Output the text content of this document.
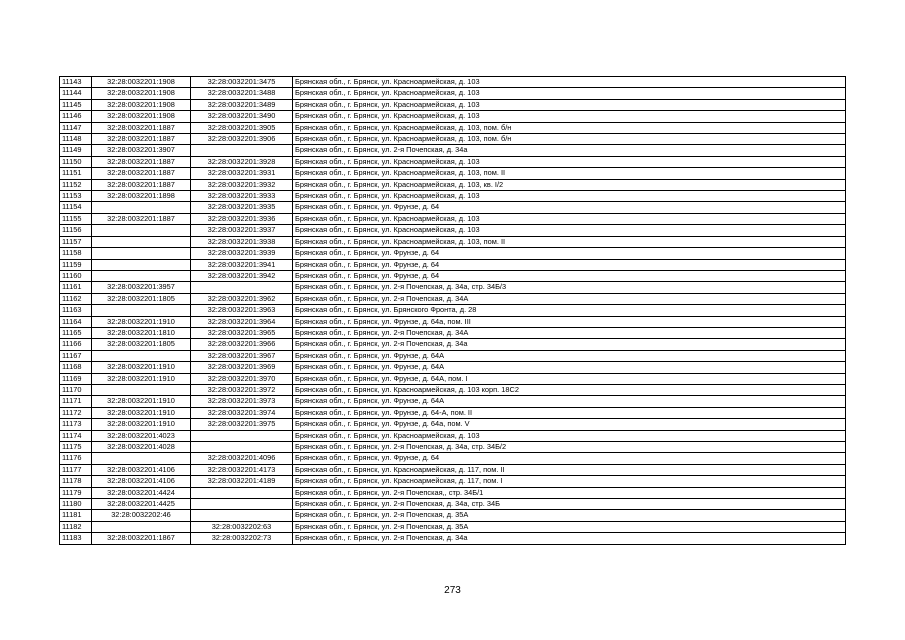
11143	32:28:0032201:1908	32:28:0032201:3475	Брянская обл., г. Брянск, ул. Красноармейская, д. 103
11144	32:28:0032201:1908	32:28:0032201:3488	Брянская обл., г. Брянск, ул. Красноармейская, д. 103
11145	32:28:0032201:1908	32:28:0032201:3489	Брянская обл., г. Брянск, ул. Красноармейская, д. 103
11146	32:28:0032201:1908	32:28:0032201:3490	Брянская обл., г. Брянск, ул. Красноармейская, д. 103
11147	32:28:0032201:1887	32:28:0032201:3905	Брянская обл., г. Брянск, ул. Красноармейская, д. 103, пом. б/н
11148	32:28:0032201:1887	32:28:0032201:3906	Брянская обл., г. Брянск, ул. Красноармейская, д. 103, пом. б/н
11149	32:28:0032201:3907		Брянская обл., г. Брянск, ул. 2-я Почепская, д. 34а
11150	32:28:0032201:1887	32:28:0032201:3928	Брянская обл., г. Брянск, ул. Красноармейская, д. 103
11151	32:28:0032201:1887	32:28:0032201:3931	Брянская обл., г. Брянск, ул. Красноармейская, д. 103, пом. II
11152	32:28:0032201:1887	32:28:0032201:3932	Брянская обл., г. Брянск, ул. Красноармейская, д. 103, кв. I/2
11153	32:28:0032201:1898	32:28:0032201:3933	Брянская обл., г. Брянск, ул. Красноармейская, д. 103
11154		32:28:0032201:3935	Брянская обл., г. Брянск, ул. Фрунзе, д. 64
11155	32:28:0032201:1887	32:28:0032201:3936	Брянская обл., г. Брянск, ул. Красноармейская, д. 103
11156		32:28:0032201:3937	Брянская обл., г. Брянск, ул. Красноармейская, д. 103
11157		32:28:0032201:3938	Брянская обл., г. Брянск, ул. Красноармейская, д. 103, пом. II
11158		32:28:0032201:3939	Брянская обл., г. Брянск, ул. Фрунзе, д. 64
11159		32:28:0032201:3941	Брянская обл., г. Брянск, ул. Фрунзе, д. 64
11160		32:28:0032201:3942	Брянская обл., г. Брянск, ул. Фрунзе, д. 64
11161	32:28:0032201:3957		Брянская обл., г. Брянск, ул. 2-я Почепская, д. 34а, стр. 34Б/3
11162	32:28:0032201:1805	32:28:0032201:3962	Брянская обл., г. Брянск, ул. 2-я Почепская, д. 34А
11163		32:28:0032201:3963	Брянская обл., г. Брянск, ул. Брянского Фронта, д. 28
11164	32:28:0032201:1910	32:28:0032201:3964	Брянская обл., г. Брянск, ул. Фрунзе, д. 64а, пом. III
11165	32:28:0032201:1810	32:28:0032201:3965	Брянская обл., г. Брянск, ул. 2-я Почепская, д. 34А
11166	32:28:0032201:1805	32:28:0032201:3966	Брянская обл., г. Брянск, ул. 2-я Почепская, д. 34а
11167		32:28:0032201:3967	Брянская обл., г. Брянск, ул. Фрунзе, д. 64А
11168	32:28:0032201:1910	32:28:0032201:3969	Брянская обл., г. Брянск, ул. Фрунзе, д. 64А
11169	32:28:0032201:1910	32:28:0032201:3970	Брянская обл., г. Брянск, ул. Фрунзе, д. 64А, пом. I
11170		32:28:0032201:3972	Брянская обл., г. Брянск, ул. Красноармейская, д. 103 корп. 18С2
11171	32:28:0032201:1910	32:28:0032201:3973	Брянская обл., г. Брянск, ул. Фрунзе, д. 64А
11172	32:28:0032201:1910	32:28:0032201:3974	Брянская обл., г. Брянск, ул. Фрунзе, д. 64-А, пом. II
11173	32:28:0032201:1910	32:28:0032201:3975	Брянская обл., г. Брянск, ул. Фрунзе, д. 64а, пом. V
11174	32:28:0032201:4023		Брянская обл., г. Брянск, ул. Красноармейская, д. 103
11175	32:28:0032201:4028		Брянская обл., г. Брянск, ул. 2-я Почепская, д. 34а, стр. 34Б/2
11176		32:28:0032201:4096	Брянская обл., г. Брянск, ул. Фрунзе, д. 64
11177	32:28:0032201:4106	32:28:0032201:4173	Брянская обл., г. Брянск, ул. Красноармейская, д. 117, пом. II
11178	32:28:0032201:4106	32:28:0032201:4189	Брянская обл., г. Брянск, ул. Красноармейская, д. 117, пом. I
11179	32:28:0032201:4424		Брянская обл., г. Брянск, ул. 2-я Почепская,, стр. 34Б/1
11180	32:28:0032201:4425		Брянская обл., г. Брянск, ул. 2-я Почепская, д. 34а, стр. 34Б
11181	32:28:0032202:46		Брянская обл., г. Брянск, ул. 2-я Почепская, д. 35А
11182		32:28:0032202:63	Брянская обл., г. Брянск, ул. 2-я Почепская, д. 35А
11183	32:28:0032201:1867	32:28:0032202:73	Брянская обл., г. Брянск, ул. 2-я Почепская, д. 34а
273
